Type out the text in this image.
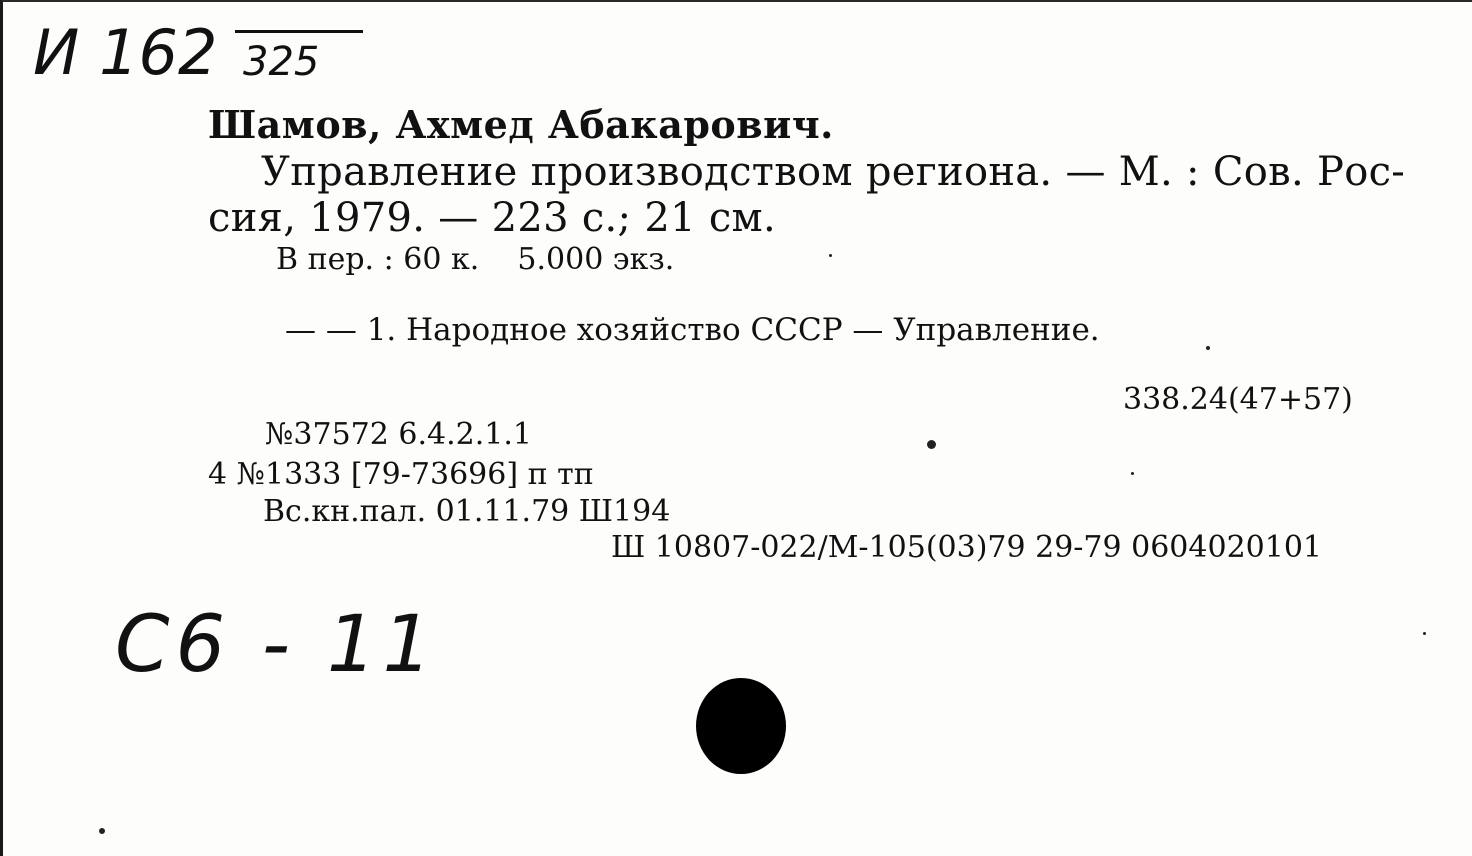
И 162 325
Шамов, Ахмед Абакарович.
Управление производством региона. — М. : Сов. Рос-
сия, 1979. — 223 с.; 21 см.
В пер. : 60 к.    5.000 экз.
— — 1. Народное хозяйство СССР — Управление.
338.24(47+57)
№37572 6.4.2.1.1
4 №1333 [79-73696] п тп
Вс.кн.пал. 01.11.79 Ш194
Ш 10807-022/М-105(03)79 29-79 0604020101
С6 - 11
